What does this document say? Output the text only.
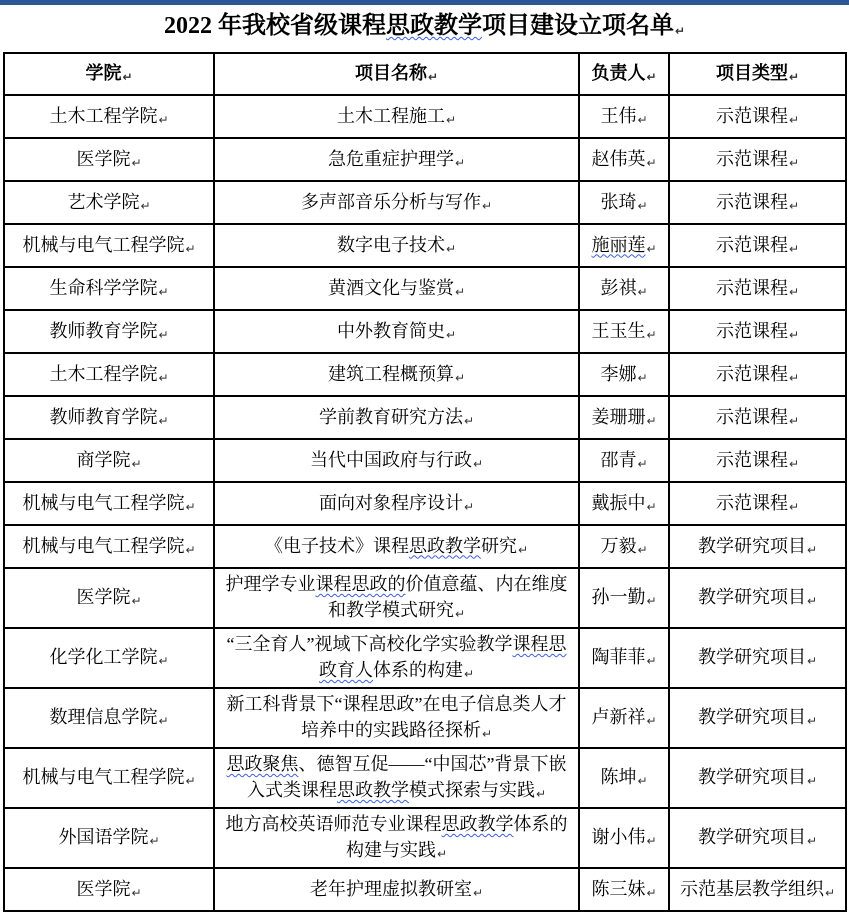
2022 年我校省级课程思政教学项目建设立项名单↵
学院↵	项目名称↵	负责人↵	项目类型↵
土木工程学院↵	土木工程施工↵	王伟↵	示范课程↵
医学院↵	急危重症护理学↵	赵伟英↵	示范课程↵
艺术学院↵	多声部音乐分析与写作↵	张琦↵	示范课程↵
机械与电气工程学院↵	数字电子技术↵	施丽莲↵	示范课程↵
生命科学学院↵	黄酒文化与鉴赏↵	彭祺↵	示范课程↵
教师教育学院↵	中外教育简史↵	王玉生↵	示范课程↵
土木工程学院↵	建筑工程概预算↵	李娜↵	示范课程↵
教师教育学院↵	学前教育研究方法↵	姜珊珊↵	示范课程↵
商学院↵	当代中国政府与行政↵	邵青↵	示范课程↵
机械与电气工程学院↵	面向对象程序设计↵	戴振中↵	示范课程↵
机械与电气工程学院↵	《电子技术》课程思政教学研究↵	万毅↵	教学研究项目↵
医学院↵	护理学专业课程思政的价值意蕴、内在维度和教学模式研究↵	孙一勤↵	教学研究项目↵
化学化工学院↵	“三全育人”视域下高校化学实验教学课程思政育人体系的构建↵	陶菲菲↵	教学研究项目↵
数理信息学院↵	新工科背景下“课程思政”在电子信息类人才培养中的实践路径探析↵	卢新祥↵	教学研究项目↵
机械与电气工程学院↵	思政聚焦、德智互促——“中国芯”背景下嵌入式类课程思政教学模式探索与实践↵	陈坤↵	教学研究项目↵
外国语学院↵	地方高校英语师范专业课程思政教学体系的构建与实践↵	谢小伟↵	教学研究项目↵
医学院↵	老年护理虚拟教研室↵	陈三妹↵	示范基层教学组织↵
